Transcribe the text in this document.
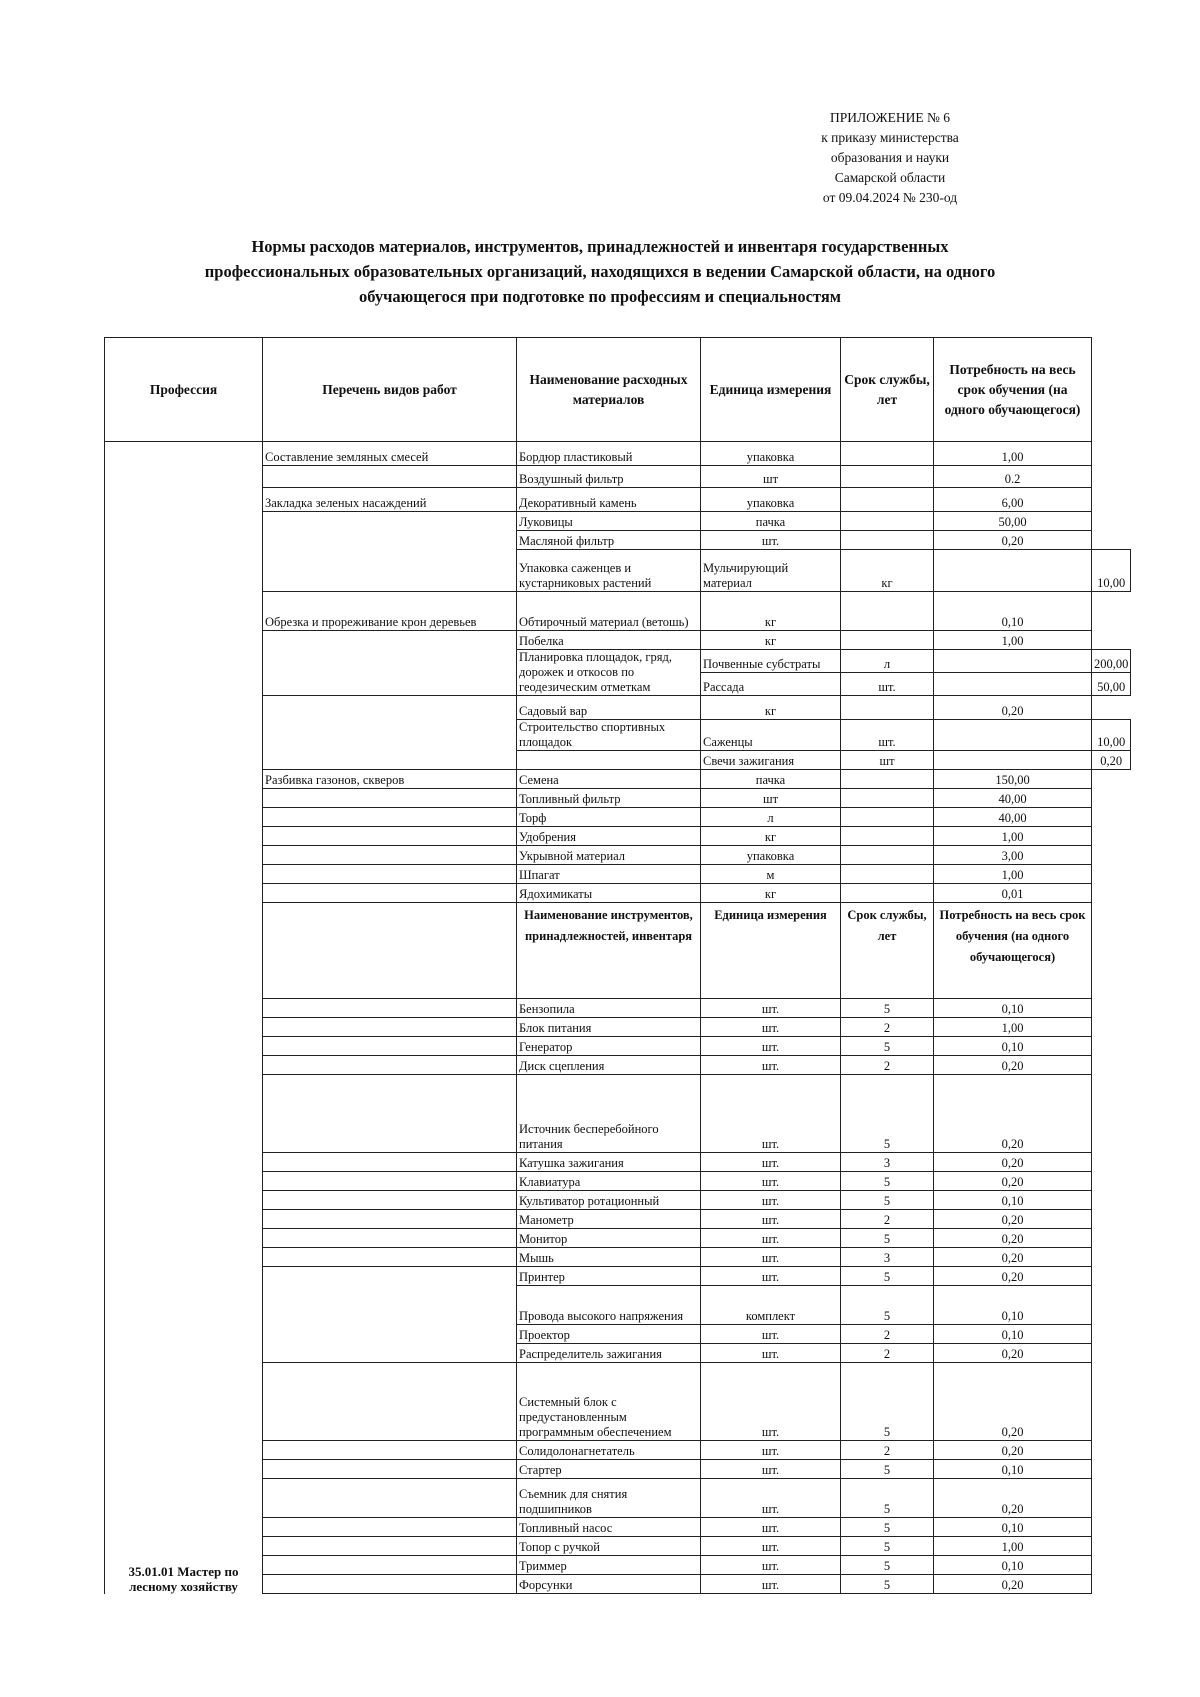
ПРИЛОЖЕНИЕ № 6
к приказу министерства
образования и науки
Самарской области
от 09.04.2024 № 230-од
Нормы расходов материалов, инструментов, принадлежностей и инвентаря государственных
профессиональных образовательных организаций, находящихся в ведении Самарской области, на одного
обучающегося при подготовке по профессиям и специальностям
Профессия	Перечень видов работ	Наименование расходных материалов	Единица измерения	Срок службы, лет	Потребность на весь срок обучения (на одного обучающегося)	
35.01.01 Мастер по лесному хозяйству	Составление земляных смесей	Бордюр пластиковый	упаковка		1,00	
		Воздушный фильтр	шт		0.2	
	Закладка зеленых насаждений	Декоративный камень	упаковка		6,00	
		Луковицы	пачка		50,00	
		Масляной фильтр	шт.		0,20	
		Упаковка саженцев и кустарниковых растений	Мульчирующий материал	кг		10,00
	Обрезка и прореживание крон деревьев	Обтирочный материал (ветошь)	кг		0,10	
		Побелка	кг		1,00	
		Планировка площадок, гряд, дорожек и откосов по геодезическим отметкам	Почвенные субстраты	л		200,00
			Рассада	шт.		50,00
		Садовый вар	кг		0,20	
		Строительство спортивных площадок	Саженцы	шт.		10,00
			Свечи зажигания	шт		0,20
	Разбивка газонов, скверов	Семена	пачка		150,00	
		Топливный фильтр	шт		40,00	
		Торф	л		40,00	
		Удобрения	кг		1,00	
		Укрывной материал	упаковка		3,00	
		Шпагат	м		1,00	
		Ядохимикаты	кг		0,01	
		Наименование инструментов, принадлежностей, инвентаря	Единица измерения	Срок службы, лет	Потребность на весь срок обучения (на одного обучающегося)	
		Бензопила	шт.	5	0,10	
		Блок питания	шт.	2	1,00	
		Генератор	шт.	5	0,10	
		Диск сцепления	шт.	2	0,20	
		Источник бесперебойного питания	шт.	5	0,20	
		Катушка зажигания	шт.	3	0,20	
		Клавиатура	шт.	5	0,20	
		Культиватор ротационный	шт.	5	0,10	
		Манометр	шт.	2	0,20	
		Монитор	шт.	5	0,20	
		Мышь	шт.	3	0,20	
		Принтер	шт.	5	0,20	
		Провода высокого напряжения	комплект	5	0,10	
		Проектор	шт.	2	0,10	
		Распределитель зажигания	шт.	2	0,20	
		Системный блок с предустановленным программным обеспечением	шт.	5	0,20	
		Солидолонагнетатель	шт.	2	0,20	
		Стартер	шт.	5	0,10	
		Съемник для снятия подшипников	шт.	5	0,20	
		Топливный насос	шт.	5	0,10	
		Топор с ручкой	шт.	5	1,00	
		Триммер	шт.	5	0,10	
		Форсунки	шт.	5	0,20	
